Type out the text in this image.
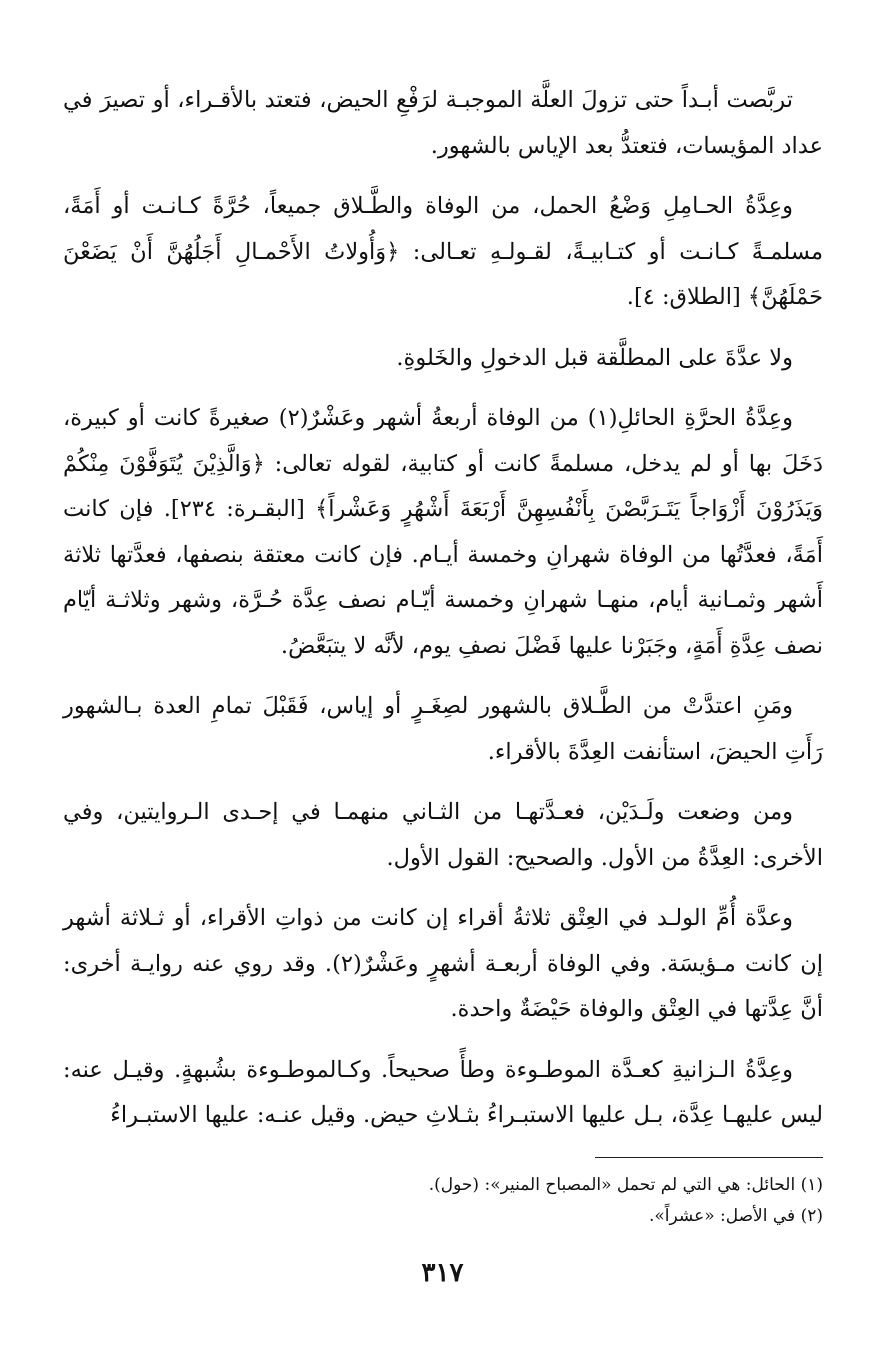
تربَّصت أبـداً حتى تزولَ العلَّة الموجبـة لرَفْعِ الحيض، فتعتد بالأقـراء، أو تصيرَ في عداد المؤيسات، فتعتدُّ بعد الإياس بالشهور.

وعِدَّةُ الحـامِلِ وَضْعُ الحمل، من الوفاة والطَّـلاق جميعاً، حُرَّةً كـانـت أو أَمَةً، مسلمـةً كـانـت أو كتـابيـةً، لقـولـهِ تعـالى: ﴿وَأُولاتُ الأَحْمـالِ أَجَلُهُنَّ أَنْ يَضَعْنَ حَمْلَهُنَّ﴾ [الطلاق: ٤].

ولا عدَّةَ على المطلَّقة قبل الدخولِ والخَلوةِ.

وعِدَّةُ الحرَّةِ الحائلِ(١) من الوفاة أربعةُ أشهر وعَشْرٌ(٢) صغيرةً كانت أو كبيرة، دَخَلَ بها أو لم يدخل، مسلمةً كانت أو كتابية، لقوله تعالى: ﴿وَالَّذِيْنَ يُتَوَفَّوْنَ مِنْكُمْ وَيَذَرُوْنَ أَزْوَاجاً يَتَـرَبَّصْنَ بِأَنْفُسِهِنَّ أَرْبَعَةَ أَشْهُرٍ وَعَشْراً﴾ [البقـرة: ٢٣٤]. فإن كانت أَمَةً، فعدَّتُها من الوفاة شهرانِ وخمسة أيـام. فإن كانت معتقة بنصفها، فعدَّتها ثلاثة أَشهر وثمـانية أيام، منهـا شهرانِ وخمسة أيّـام نصف عِدَّة حُـرَّة، وشهر وثلاثـة أيّام نصف عِدَّةِ أَمَةٍ، وجَبَرْنا عليها فَضْلَ نصفِ يوم، لأنَّه لا يتبَعَّضُ.

ومَنِ اعتدَّتْ من الطَّـلاق بالشهور لصِغَـرٍ أو إياس، فَقَبْلَ تمامِ العدة بـالشهور رَأَتِ الحيضَ، استأنفت العِدَّةَ بالأقراء.

ومن وضعت ولَـدَيْن، فعـدَّتهـا من الثـاني منهمـا في إحـدى الـروايتين، وفي الأخرى: العِدَّةُ من الأول. والصحيح: القول الأول.

وعدَّة أُمِّ الولـد في العِتْق ثلاثةُ أقراء إن كانت من ذواتِ الأقراء، أو ثـلاثة أشهر إن كانت مـؤيسَة. وفي الوفاة أربعـة أشهرٍ وعَشْرٌ(٢). وقد روي عنه روايـة أخرى: أنَّ عِدَّتها في العِتْق والوفاة حَيْضَةٌ واحدة.

وعِدَّةُ الـزانيةِ كعـدَّة الموطـوءة وطأً صحيحاً. وكـالموطـوءة بشُبهةٍ. وقيـل عنه: ليس عليهـا عِدَّة، بـل عليها الاستبـراءُ بثـلاثِ حيض. وقيل عنـه: عليها الاستبـراءُ

(١) الحائل: هي التي لم تحمل «المصباح المنير»: (حول).

(٢) في الأصل: «عشراً».

٣١٧
